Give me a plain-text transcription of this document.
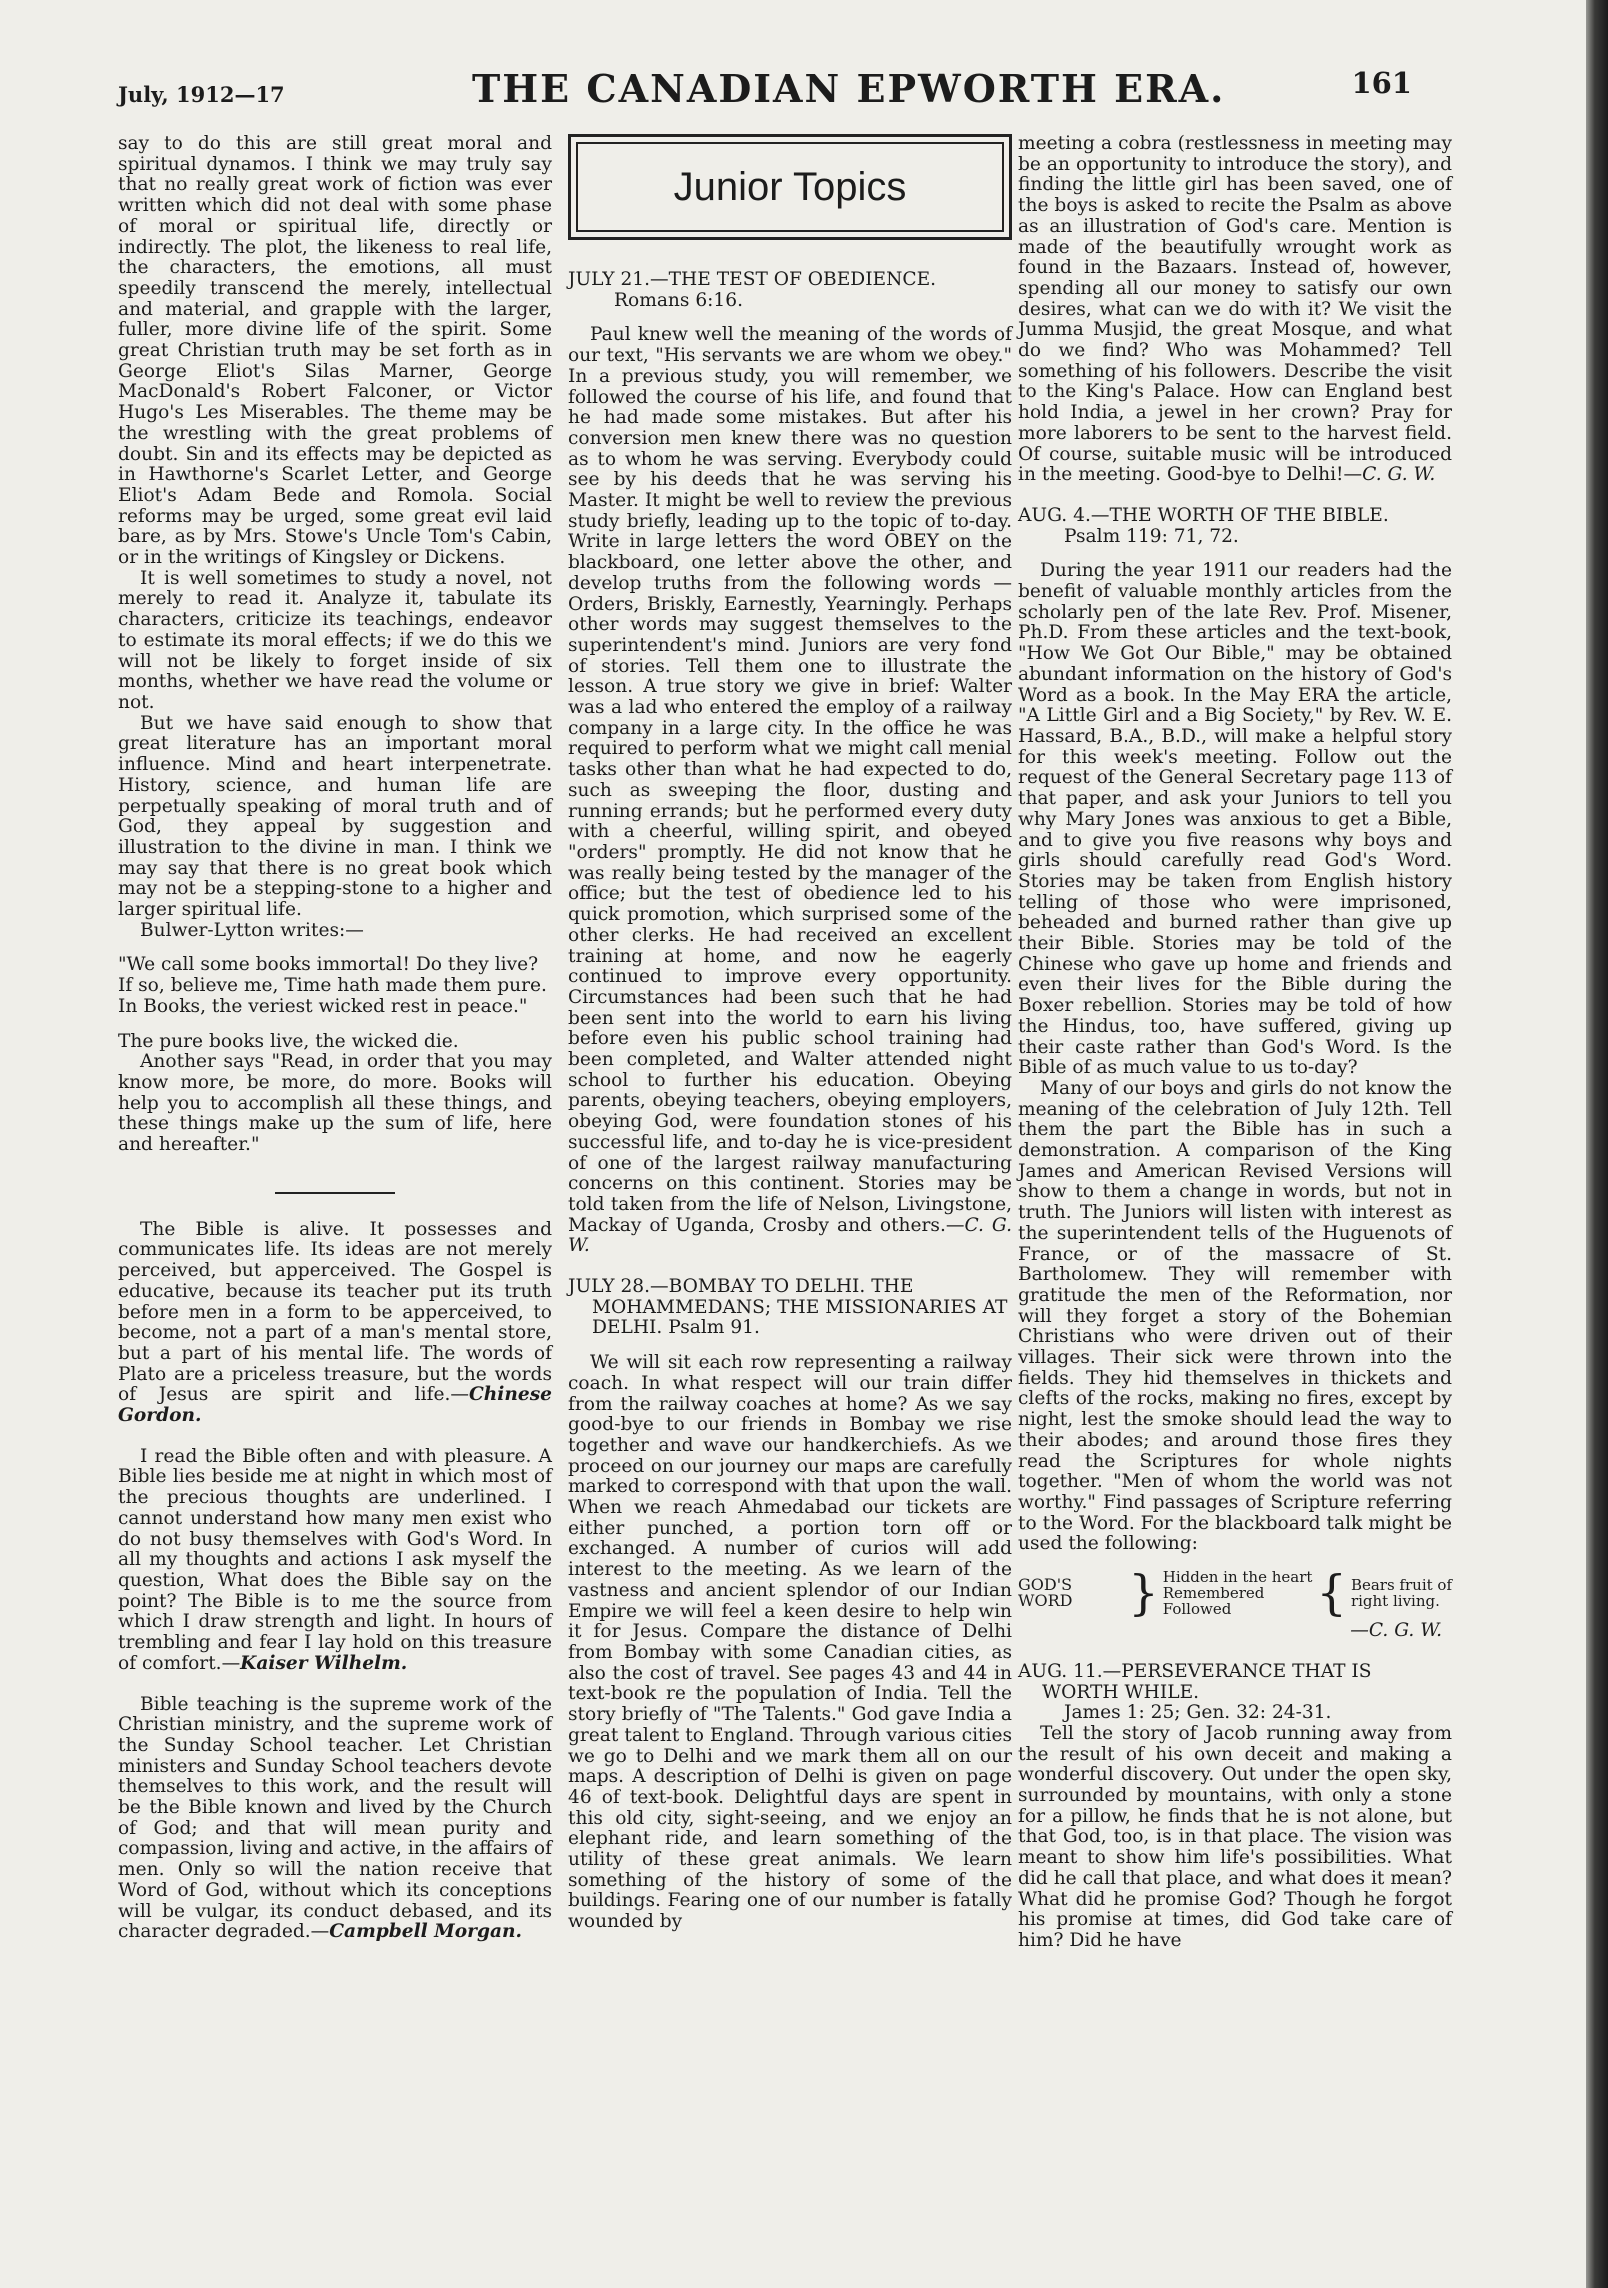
July, 1912—17	THE CANADIAN EPWORTH ERA.	161

say to do this are still great moral and spiritual dynamos. I think we may truly say that no really great work of fiction was ever written which did not deal with some phase of moral or spiritual life, directly or indirectly. The plot, the likeness to real life, the characters, the emotions, all must speedily transcend the merely, intellectual and material, and grapple with the larger, fuller, more divine life of the spirit. Some great Christian truth may be set forth as in George Eliot's Silas Marner, George MacDonald's Robert Falconer, or Victor Hugo's Les Miserables. The theme may be the wrestling with the great problems of doubt. Sin and its effects may be depicted as in Hawthorne's Scarlet Letter, and George Eliot's Adam Bede and Romola. Social reforms may be urged, some great evil laid bare, as by Mrs. Stowe's Uncle Tom's Cabin, or in the writings of Kingsley or Dickens.

It is well sometimes to study a novel, not merely to read it. Analyze it, tabulate its characters, criticize its teachings, endeavor to estimate its moral effects; if we do this we will not be likely to forget inside of six months, whether we have read the volume or not.

But we have said enough to show that great literature has an important moral influence. Mind and heart interpenetrate. History, science, and human life are perpetually speaking of moral truth and of God, they appeal by suggestion and illustration to the divine in man. I think we may say that there is no great book which may not be a stepping-stone to a higher and larger spiritual life.

Bulwer-Lytton writes:—

"We call some books immortal! Do they live?

If so, believe me, Time hath made them pure.

In Books, the veriest wicked rest in peace."

The pure books live, the wicked die.

Another says "Read, in order that you may know more, be more, do more. Books will help you to accomplish all these things, and these things make up the sum of life, here and hereafter."

The Bible is alive. It possesses and communicates life. Its ideas are not merely perceived, but apperceived. The Gospel is educative, because its teacher put its truth before men in a form to be apperceived, to become, not a part of a man's mental store, but a part of his mental life. The words of Plato are a priceless treasure, but the words of Jesus are spirit and life.—Chinese Gordon.

I read the Bible often and with pleasure. A Bible lies beside me at night in which most of the precious thoughts are underlined. I cannot understand how many men exist who do not busy themselves with God's Word. In all my thoughts and actions I ask myself the question, What does the Bible say on the point? The Bible is to me the source from which I draw strength and light. In hours of trembling and fear I lay hold on this treasure of comfort.—Kaiser Wilhelm.

Bible teaching is the supreme work of the Christian ministry, and the supreme work of the Sunday School teacher. Let Christian ministers and Sunday School teachers devote themselves to this work, and the result will be the Bible known and lived by the Church of God; and that will mean purity and compassion, living and active, in the affairs of men. Only so will the nation receive that Word of God, without which its conceptions will be vulgar, its conduct debased, and its character degraded.—Campbell Morgan.

Junior Topics

JULY 21.—THE TEST OF OBEDIENCE.
Romans 6:16.

Paul knew well the meaning of the words of our text, "His servants we are whom we obey." In a previous study, you will remember, we followed the course of his life, and found that he had made some mistakes. But after his conversion men knew there was no question as to whom he was serving. Everybody could see by his deeds that he was serving his Master. It might be well to review the previous study briefly, leading up to the topic of to-day. Write in large letters the word OBEY on the blackboard, one letter above the other, and develop truths from the following words — Orders, Briskly, Earnestly, Yearningly. Perhaps other words may suggest themselves to the superintendent's mind. Juniors are very fond of stories. Tell them one to illustrate the lesson. A true story we give in brief: Walter was a lad who entered the employ of a railway company in a large city. In the office he was required to perform what we might call menial tasks other than what he had expected to do, such as sweeping the floor, dusting and running errands; but he performed every duty with a cheerful, willing spirit, and obeyed "orders" promptly. He did not know that he was really being tested by the manager of the office; but the test of obedience led to his quick promotion, which surprised some of the other clerks. He had received an excellent training at home, and now he eagerly continued to improve every opportunity. Circumstances had been such that he had been sent into the world to earn his living before even his public school training had been completed, and Walter attended night school to further his education. Obeying parents, obeying teachers, obeying employers, obeying God, were foundation stones of his successful life, and to-day he is vice-president of one of the largest railway manufacturing concerns on this continent. Stories may be told taken from the life of Nelson, Livingstone, Mackay of Uganda, Crosby and others.—C. G. W.

JULY 28.—BOMBAY TO DELHI. THE MOHAMMEDANS; THE MISSIONARIES AT DELHI. Psalm 91.

We will sit each row representing a railway coach. In what respect will our train differ from the railway coaches at home? As we say good-bye to our friends in Bombay we rise together and wave our handkerchiefs. As we proceed on our journey our maps are carefully marked to correspond with that upon the wall. When we reach Ahmedabad our tickets are either punched, a portion torn off or exchanged. A number of curios will add interest to the meeting. As we learn of the vastness and ancient splendor of our Indian Empire we will feel a keen desire to help win it for Jesus. Compare the distance of Delhi from Bombay with some Canadian cities, as also the cost of travel. See pages 43 and 44 in text-book re the population of India. Tell the story briefly of "The Talents." God gave India a great talent to England. Through various cities we go to Delhi and we mark them all on our maps. A description of Delhi is given on page 46 of text-book. Delightful days are spent in this old city, sight-seeing, and we enjoy an elephant ride, and learn something of the utility of these great animals. We learn something of the history of some of the buildings. Fearing one of our number is fatally wounded by

meeting a cobra (restlessness in meeting may be an opportunity to introduce the story), and finding the little girl has been saved, one of the boys is asked to recite the Psalm as above as an illustration of God's care. Mention is made of the beautifully wrought work as found in the Bazaars. Instead of, however, spending all our money to satisfy our own desires, what can we do with it? We visit the Jumma Musjid, the great Mosque, and what do we find? Who was Mohammed? Tell something of his followers. Describe the visit to the King's Palace. How can England best hold India, a jewel in her crown? Pray for more laborers to be sent to the harvest field. Of course, suitable music will be introduced in the meeting. Good-bye to Delhi!—C. G. W.

AUG. 4.—THE WORTH OF THE BIBLE.
Psalm 119: 71, 72.

During the year 1911 our readers had the benefit of valuable monthly articles from the scholarly pen of the late Rev. Prof. Misener, Ph.D. From these articles and the text-book, "How We Got Our Bible," may be obtained abundant information on the history of God's Word as a book. In the May ERA the article, "A Little Girl and a Big Society," by Rev. W. E. Hassard, B.A., B.D., will make a helpful story for this week's meeting. Follow out the request of the General Secretary page 113 of that paper, and ask your Juniors to tell you why Mary Jones was anxious to get a Bible, and to give you five reasons why boys and girls should carefully read God's Word. Stories may be taken from English history telling of those who were imprisoned, beheaded and burned rather than give up their Bible. Stories may be told of the Chinese who gave up home and friends and even their lives for the Bible during the Boxer rebellion. Stories may be told of how the Hindus, too, have suffered, giving up their caste rather than God's Word. Is the Bible of as much value to us to-day?

Many of our boys and girls do not know the meaning of the celebration of July 12th. Tell them the part the Bible has in such a demonstration. A comparison of the King James and American Revised Versions will show to them a change in words, but not in truth. The Juniors will listen with interest as the superintendent tells of the Huguenots of France, or of the massacre of St. Bartholomew. They will remember with gratitude the men of the Reformation, nor will they forget a story of the Bohemian Christians who were driven out of their villages. Their sick were thrown into the fields. They hid themselves in thickets and clefts of the rocks, making no fires, except by night, lest the smoke should lead the way to their abodes; and around those fires they read the Scriptures for whole nights together. "Men of whom the world was not worthy." Find passages of Scripture referring to the Word. For the blackboard talk might be used the following:

GOD'S WORD	} Hidden in the heart
Remembered
Followed	{ Bears fruit of
right living.
—C. G. W.

AUG. 11.—PERSEVERANCE THAT IS WORTH WHILE.
James 1: 25; Gen. 32: 24-31.

Tell the story of Jacob running away from the result of his own deceit and making a wonderful discovery. Out under the open sky, surrounded by mountains, with only a stone for a pillow, he finds that he is not alone, but that God, too, is in that place. The vision was meant to show him life's possibilities. What did he call that place, and what does it mean? What did he promise God? Though he forgot his promise at times, did God take care of him? Did he have
